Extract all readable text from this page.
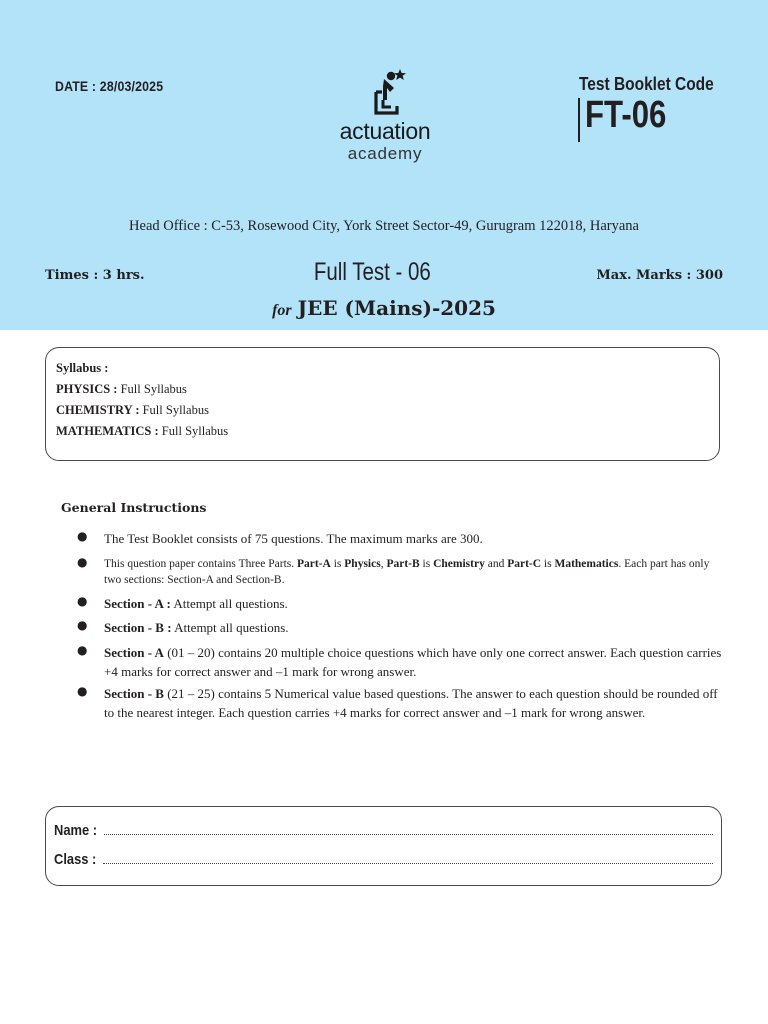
DATE : 28/03/2025
actuation
academy
Test Booklet Code
FT-06
Head Office : C-53, Rosewood City, York Street Sector-49, Gurugram 122018, Haryana
Times : 3 hrs.	Full Test - 06	Max. Marks : 300
for JEE (Mains)-2025
Syllabus :
PHYSICS : Full Syllabus
CHEMISTRY : Full Syllabus
MATHEMATICS : Full Syllabus
General Instructions
● The Test Booklet consists of 75 questions. The maximum marks are 300.
● This question paper contains Three Parts. Part-A is Physics, Part-B is Chemistry and Part-C is Mathematics. Each part has only two sections: Section-A and Section-B.
● Section - A : Attempt all questions.
● Section - B : Attempt all questions.
● Section - A (01 – 20) contains 20 multiple choice questions which have only one correct answer. Each question carries +4 marks for correct answer and –1 mark for wrong answer.
● Section - B (21 – 25) contains 5 Numerical value based questions. The answer to each question should be rounded off to the nearest integer. Each question carries +4 marks for correct answer and –1 mark for wrong answer.
Name :
Class :
